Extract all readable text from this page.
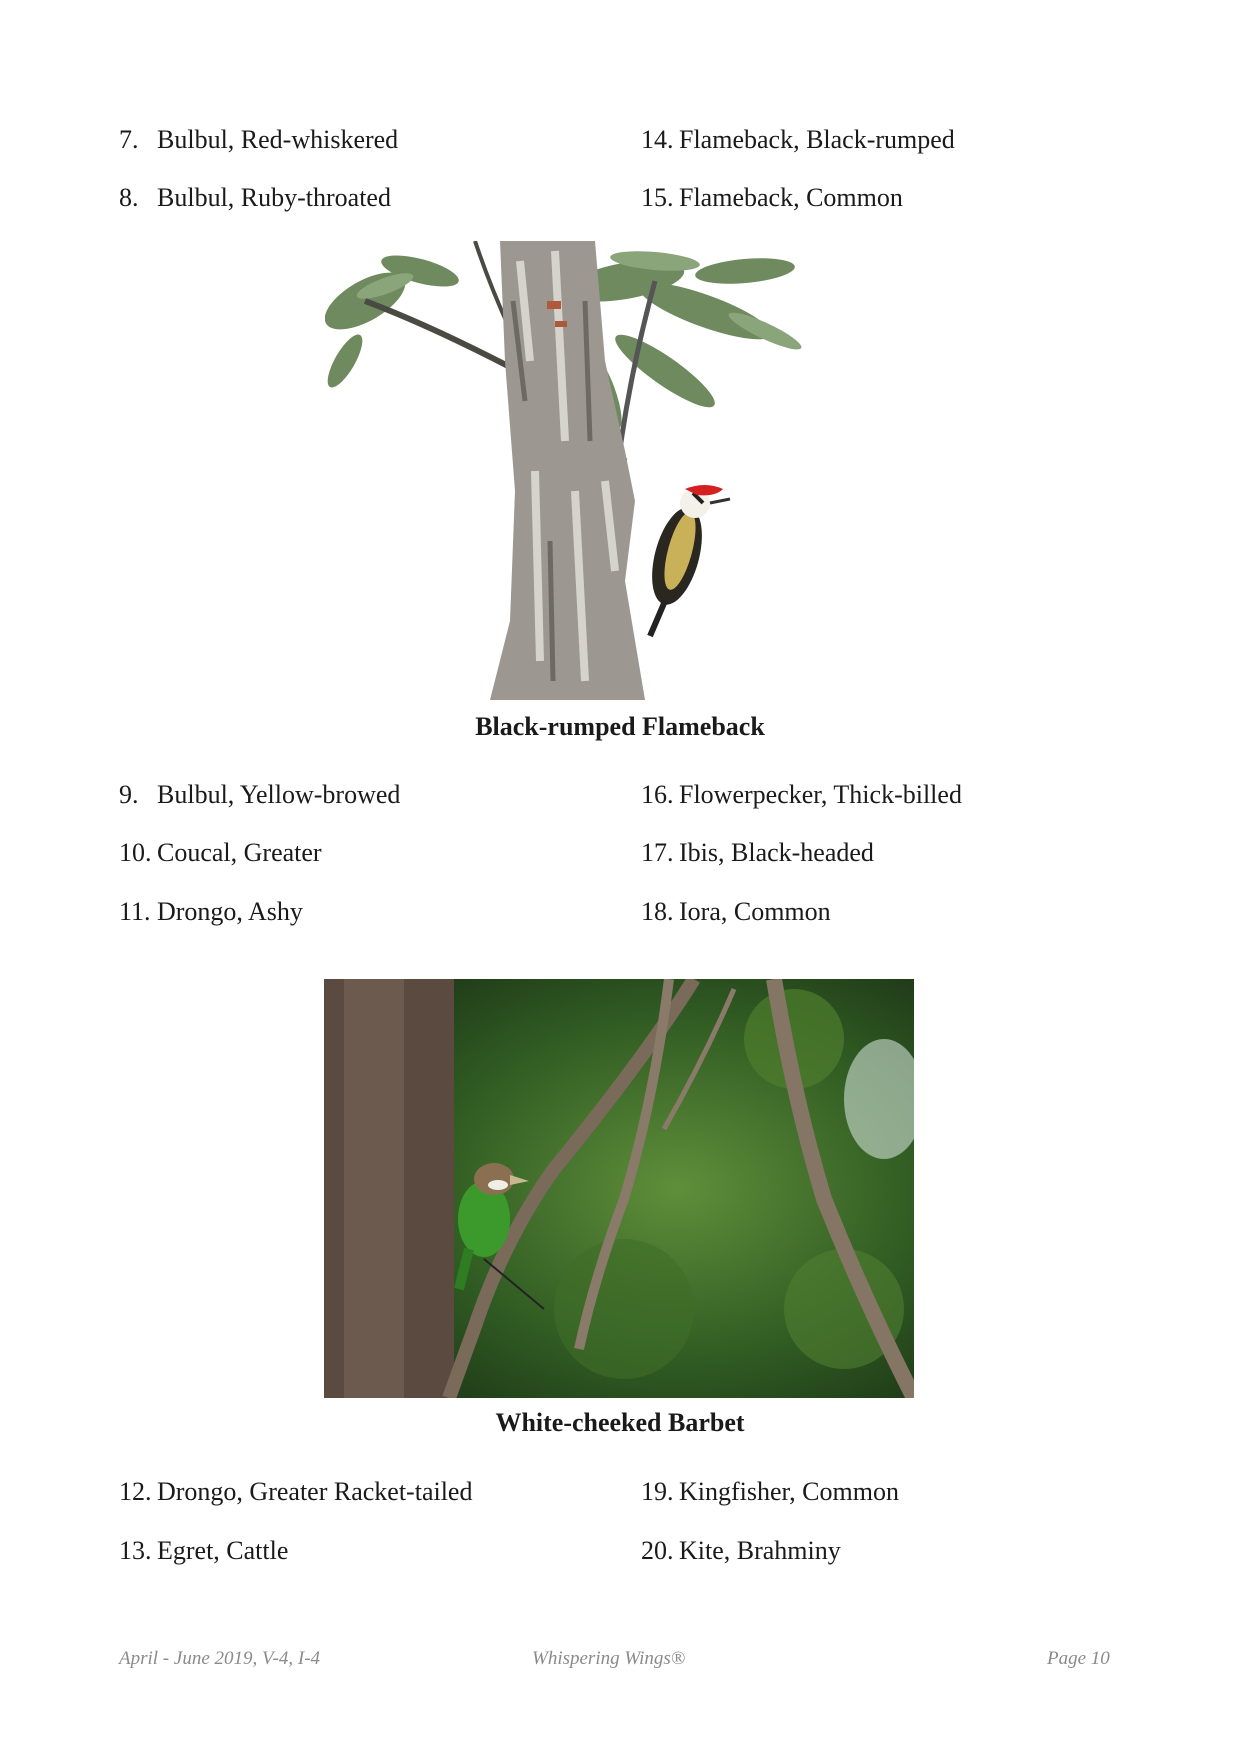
7. Bulbul, Red-whiskered
8. Bulbul, Ruby-throated
14. Flameback, Black-rumped
15. Flameback, Common
Black-rumped Flameback
9. Bulbul, Yellow-browed
10. Coucal, Greater
11. Drongo, Ashy
16. Flowerpecker, Thick-billed
17. Ibis, Black-headed
18. Iora, Common
White-cheeked Barbet
12. Drongo, Greater Racket-tailed
13. Egret, Cattle
19. Kingfisher, Common
20. Kite, Brahminy
April - June 2019, V-4, I-4	Whispering Wings®	Page 10
